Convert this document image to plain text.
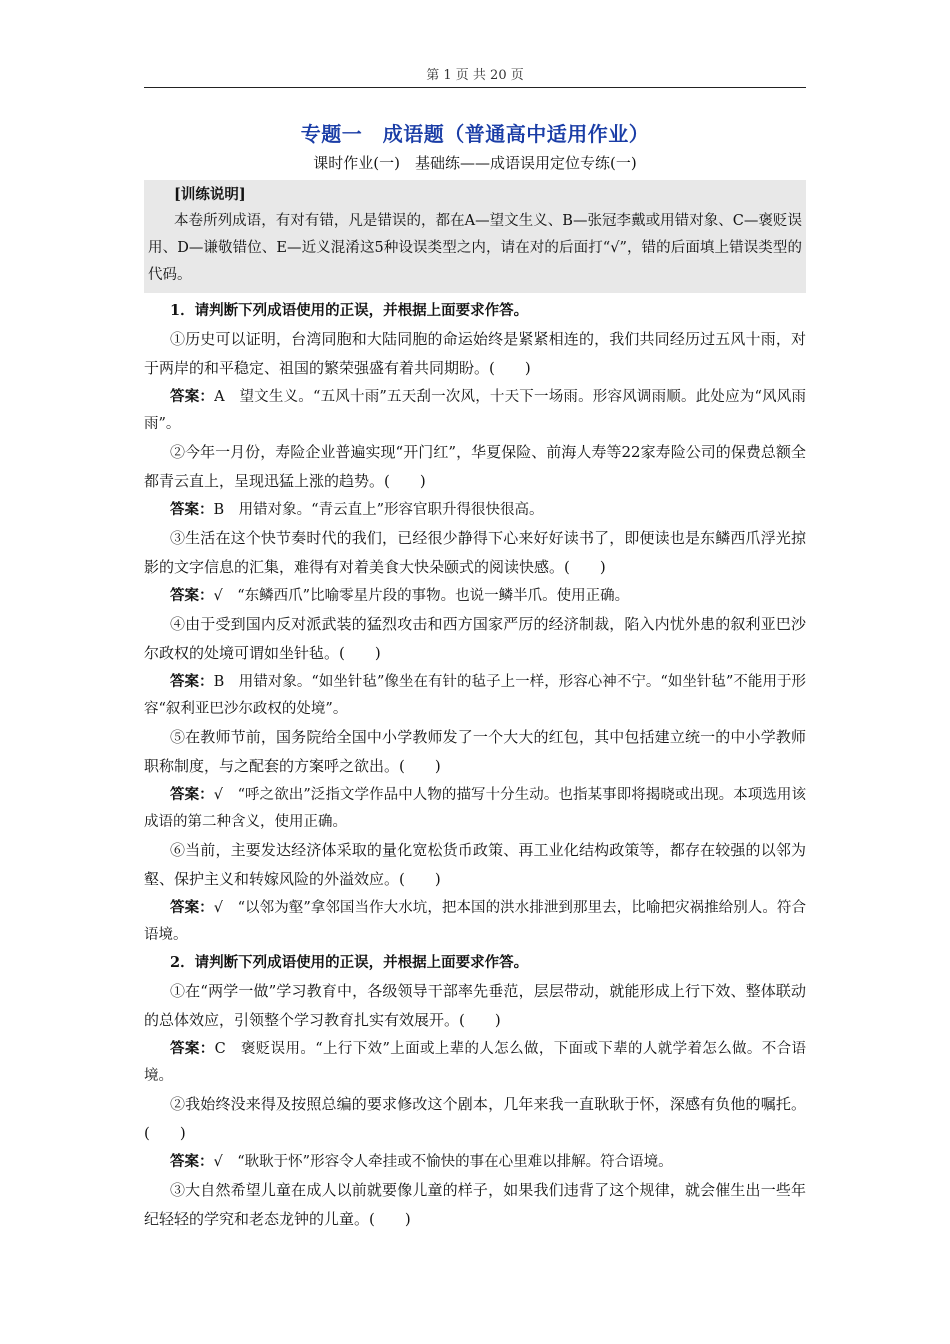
第 1 页 共 20 页
专题一　成语题（普通高中适用作业）
课时作业(一)　基础练——成语误用定位专练(一)
[训练说明]
本卷所列成语，有对有错，凡是错误的，都在A—望文生义、B—张冠李戴或用错对象、C—褒贬误用、D—谦敬错位、E—近义混淆这5种设误类型之内，请在对的后面打“√”，错的后面填上错误类型的代码。
1．请判断下列成语使用的正误，并根据上面要求作答。
①历史可以证明，台湾同胞和大陆同胞的命运始终是紧紧相连的，我们共同经历过五风十雨，对于两岸的和平稳定、祖国的繁荣强盛有着共同期盼。(　　)
答案：A　望文生义。“五风十雨”五天刮一次风，十天下一场雨。形容风调雨顺。此处应为“风风雨雨”。
②今年一月份，寿险企业普遍实现“开门红”，华夏保险、前海人寿等22家寿险公司的保费总额全都青云直上，呈现迅猛上涨的趋势。(　　)
答案：B　用错对象。“青云直上”形容官职升得很快很高。
③生活在这个快节奏时代的我们，已经很少静得下心来好好读书了，即便读也是东鳞西爪浮光掠影的文字信息的汇集，难得有对着美食大快朵颐式的阅读快感。(　　)
答案：√　“东鳞西爪”比喻零星片段的事物。也说一鳞半爪。使用正确。
④由于受到国内反对派武装的猛烈攻击和西方国家严厉的经济制裁，陷入内忧外患的叙利亚巴沙尔政权的处境可谓如坐针毡。(　　)
答案：B　用错对象。“如坐针毡”像坐在有针的毡子上一样，形容心神不宁。“如坐针毡”不能用于形容“叙利亚巴沙尔政权的处境”。
⑤在教师节前，国务院给全国中小学教师发了一个大大的红包，其中包括建立统一的中小学教师职称制度，与之配套的方案呼之欲出。(　　)
答案：√　“呼之欲出”泛指文学作品中人物的描写十分生动。也指某事即将揭晓或出现。本项选用该成语的第二种含义，使用正确。
⑥当前，主要发达经济体采取的量化宽松货币政策、再工业化结构政策等，都存在较强的以邻为壑、保护主义和转嫁风险的外溢效应。(　　)
答案：√　“以邻为壑”拿邻国当作大水坑，把本国的洪水排泄到那里去，比喻把灾祸推给别人。符合语境。
2．请判断下列成语使用的正误，并根据上面要求作答。
①在“两学一做”学习教育中，各级领导干部率先垂范，层层带动，就能形成上行下效、整体联动的总体效应，引领整个学习教育扎实有效展开。(　　)
答案：C　褒贬误用。“上行下效”上面或上辈的人怎么做，下面或下辈的人就学着怎么做。不合语境。
②我始终没来得及按照总编的要求修改这个剧本，几年来我一直耿耿于怀，深感有负他的嘱托。(　　)
答案：√　“耿耿于怀”形容令人牵挂或不愉快的事在心里难以排解。符合语境。
③大自然希望儿童在成人以前就要像儿童的样子，如果我们违背了这个规律，就会催生出一些年纪轻轻的学究和老态龙钟的儿童。(　　)
